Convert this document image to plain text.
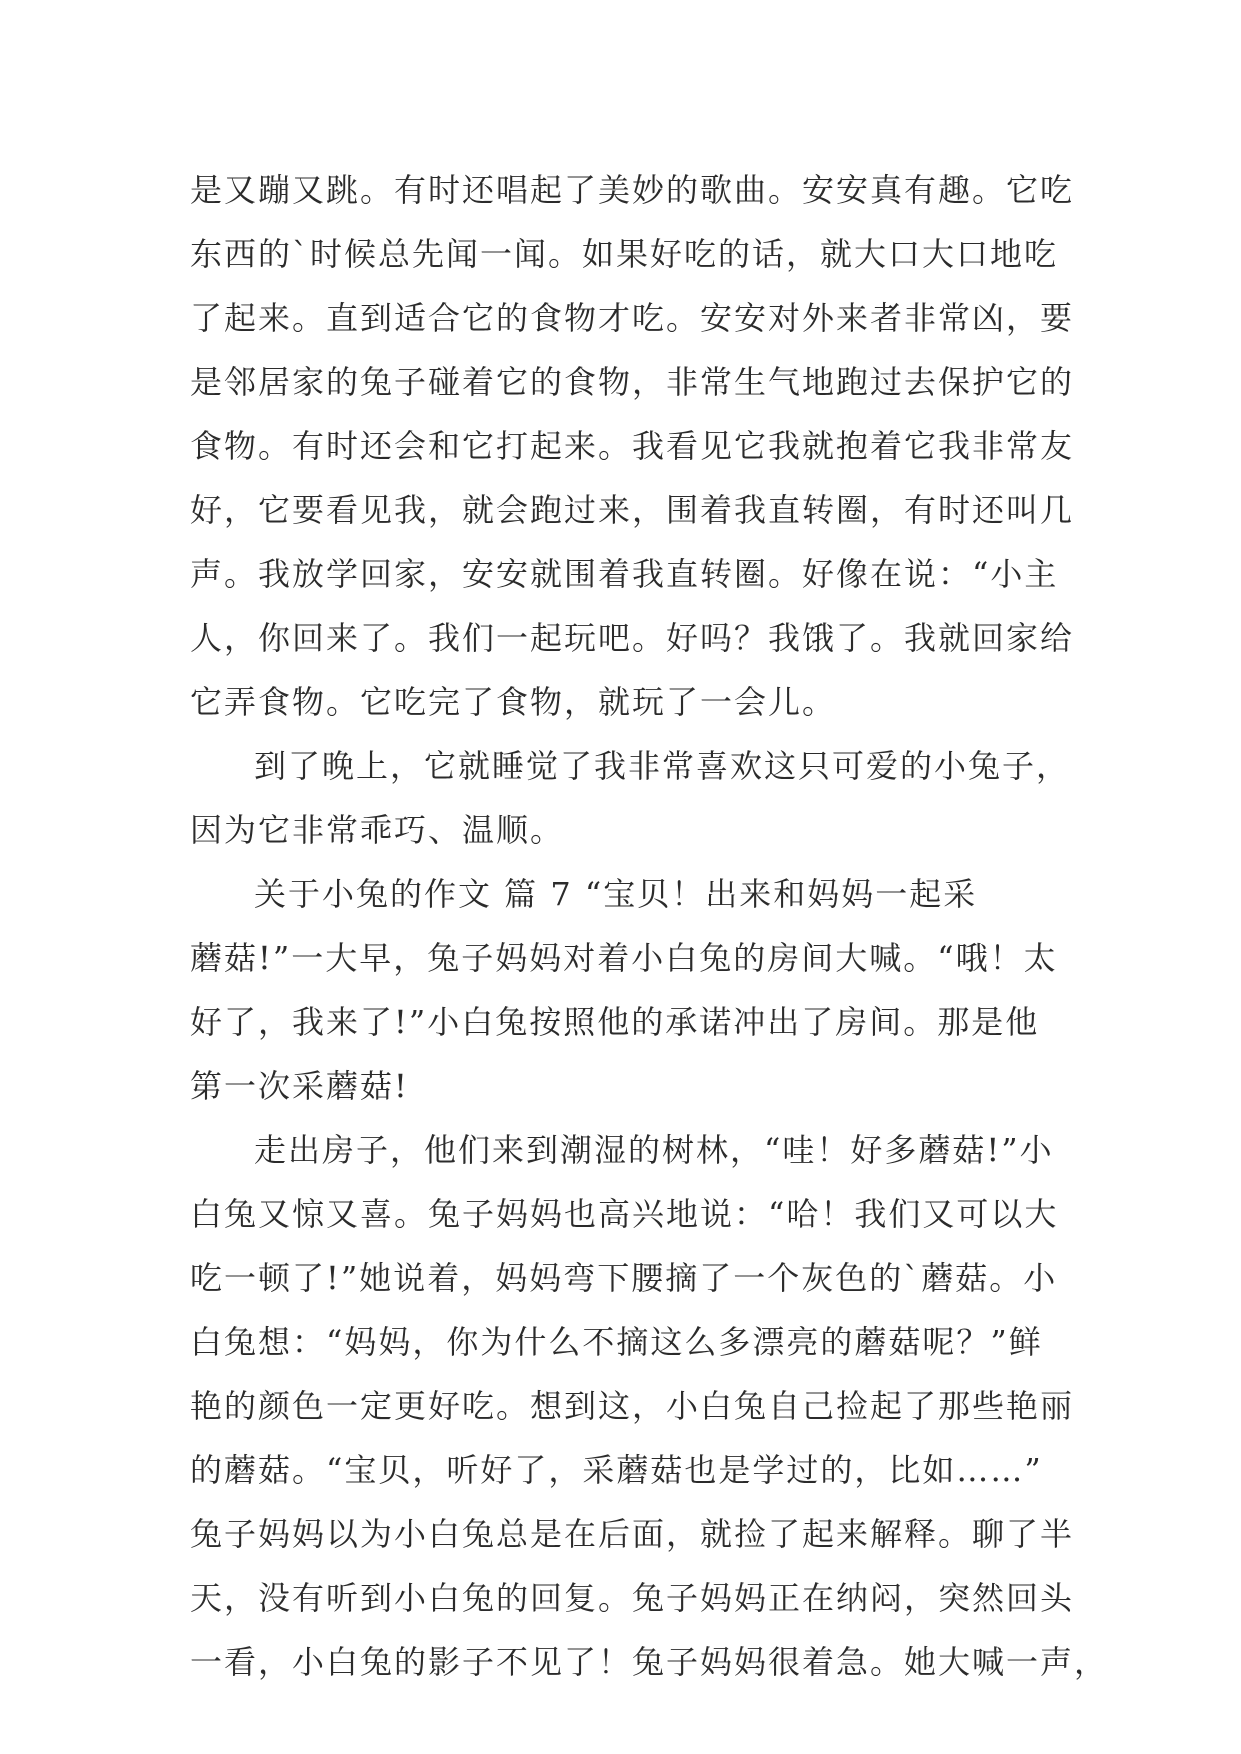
是又蹦又跳。有时还唱起了美妙的歌曲。安安真有趣。它吃
东西的`时候总先闻一闻。如果好吃的话，就大口大口地吃
了起来。直到适合它的食物才吃。安安对外来者非常凶，要
是邻居家的兔子碰着它的食物，非常生气地跑过去保护它的
食物。有时还会和它打起来。我看见它我就抱着它我非常友
好，它要看见我，就会跑过来，围着我直转圈，有时还叫几
声。我放学回家，安安就围着我直转圈。好像在说：“小主
人，你回来了。我们一起玩吧。好吗？我饿了。我就回家给
它弄食物。它吃完了食物，就玩了一会儿。
到了晚上，它就睡觉了我非常喜欢这只可爱的小兔子，
因为它非常乖巧、温顺。
关于小兔的作文 篇 7 “宝贝！出来和妈妈一起采
蘑菇!”一大早，兔子妈妈对着小白兔的房间大喊。“哦！太
好了，我来了!”小白兔按照他的承诺冲出了房间。那是他
第一次采蘑菇!
走出房子，他们来到潮湿的树林，“哇！好多蘑菇!”小
白兔又惊又喜。兔子妈妈也高兴地说：“哈！我们又可以大
吃一顿了!”她说着，妈妈弯下腰摘了一个灰色的`蘑菇。小
白兔想：“妈妈，你为什么不摘这么多漂亮的蘑菇呢？”鲜
艳的颜色一定更好吃。想到这，小白兔自己捡起了那些艳丽
的蘑菇。“宝贝，听好了，采蘑菇也是学过的，比如……”
兔子妈妈以为小白兔总是在后面，就捡了起来解释。聊了半
天，没有听到小白兔的回复。兔子妈妈正在纳闷，突然回头
一看，小白兔的影子不见了！兔子妈妈很着急。她大喊一声，
